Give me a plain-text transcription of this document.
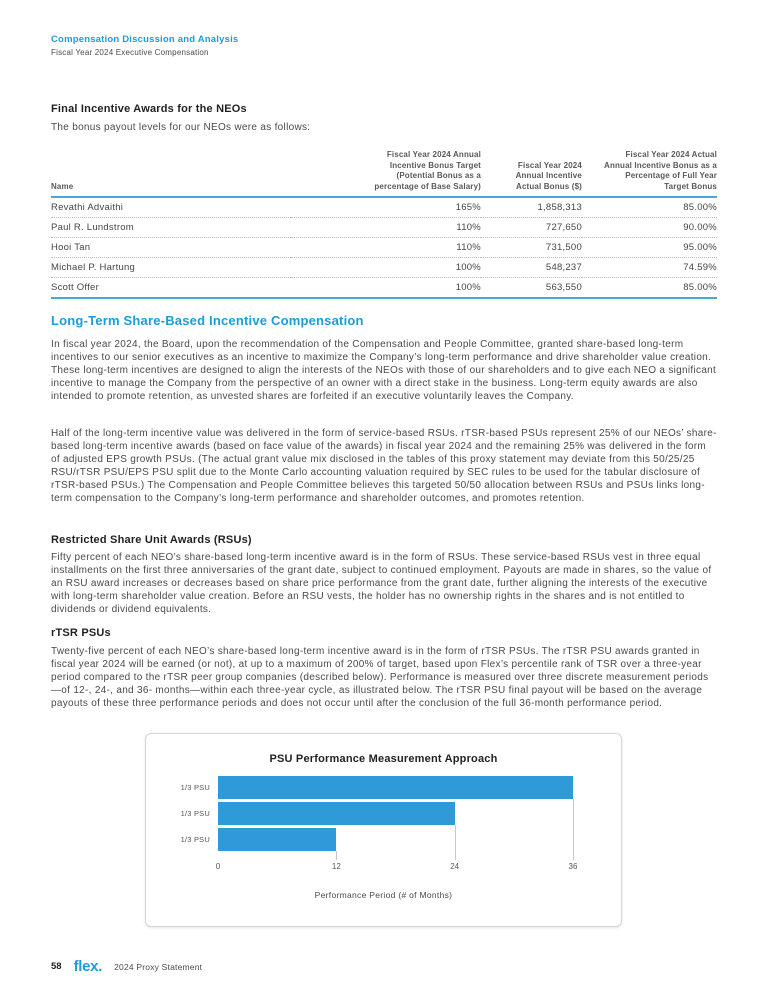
Compensation Discussion and Analysis
Fiscal Year 2024 Executive Compensation
Final Incentive Awards for the NEOs

The bonus payout levels for our NEOs were as follows:

Name	Fiscal Year 2024 Annual Incentive Bonus Target (Potential Bonus as a percentage of Base Salary)	Fiscal Year 2024 Annual Incentive Actual Bonus ($)	Fiscal Year 2024 Actual Annual Incentive Bonus as a Percentage of Full Year Target Bonus
Revathi Advaithi	165%	1,858,313	85.00%
Paul R. Lundstrom	110%	727,650	90.00%
Hooi Tan	110%	731,500	95.00%
Michael P. Hartung	100%	548,237	74.59%
Scott Offer	100%	563,550	85.00%
Long-Term Share-Based Incentive Compensation

In fiscal year 2024, the Board, upon the recommendation of the Compensation and People Committee, granted share-based long-term incentives to our senior executives as an incentive to maximize the Company’s long-term performance and drive shareholder value creation. These long-term incentives are designed to align the interests of the NEOs with those of our shareholders and to give each NEO a significant incentive to manage the Company from the perspective of an owner with a direct stake in the business. Long-term equity awards are also intended to promote retention, as unvested shares are forfeited if an executive voluntarily leaves the Company.

Half of the long-term incentive value was delivered in the form of service-based RSUs. rTSR-based PSUs represent 25% of our NEOs’ share-based long-term incentive awards (based on face value of the awards) in fiscal year 2024 and the remaining 25% was delivered in the form of adjusted EPS growth PSUs. (The actual grant value mix disclosed in the tables of this proxy statement may deviate from this 50/25/25 RSU/rTSR PSU/EPS PSU split due to the Monte Carlo accounting valuation required by SEC rules to be used for the tabular disclosure of rTSR-based PSUs.) The Compensation and People Committee believes this targeted 50/50 allocation between RSUs and PSUs links long-term compensation to the Company’s long-term performance and shareholder outcomes, and promotes retention.

Restricted Share Unit Awards (RSUs)

Fifty percent of each NEO’s share-based long-term incentive award is in the form of RSUs. These service-based RSUs vest in three equal installments on the first three anniversaries of the grant date, subject to continued employment. Payouts are made in shares, so the value of an RSU award increases or decreases based on share price performance from the grant date, further aligning the interests of the executive with long-term shareholder value creation. Before an RSU vests, the holder has no ownership rights in the shares and is not entitled to dividends or dividend equivalents.

rTSR PSUs

Twenty-five percent of each NEO’s share-based long-term incentive award is in the form of rTSR PSUs. The rTSR PSU awards granted in fiscal year 2024 will be earned (or not), at up to a maximum of 200% of target, based upon Flex’s percentile rank of TSR over a three-year period compared to the rTSR peer group companies (described below). Performance is measured over three discrete measurement periods—of 12-, 24-, and 36- months—within each three-year cycle, as illustrated below. The rTSR PSU final payout will be based on the average payouts of these three performance periods and does not occur until after the conclusion of the full 36-month performance period.

PSU Performance Measurement Approach
1/3 PSU
1/3 PSU
1/3 PSU
0	12	24	36
Performance Period (# of Months)
58 flex. 2024 Proxy Statement
